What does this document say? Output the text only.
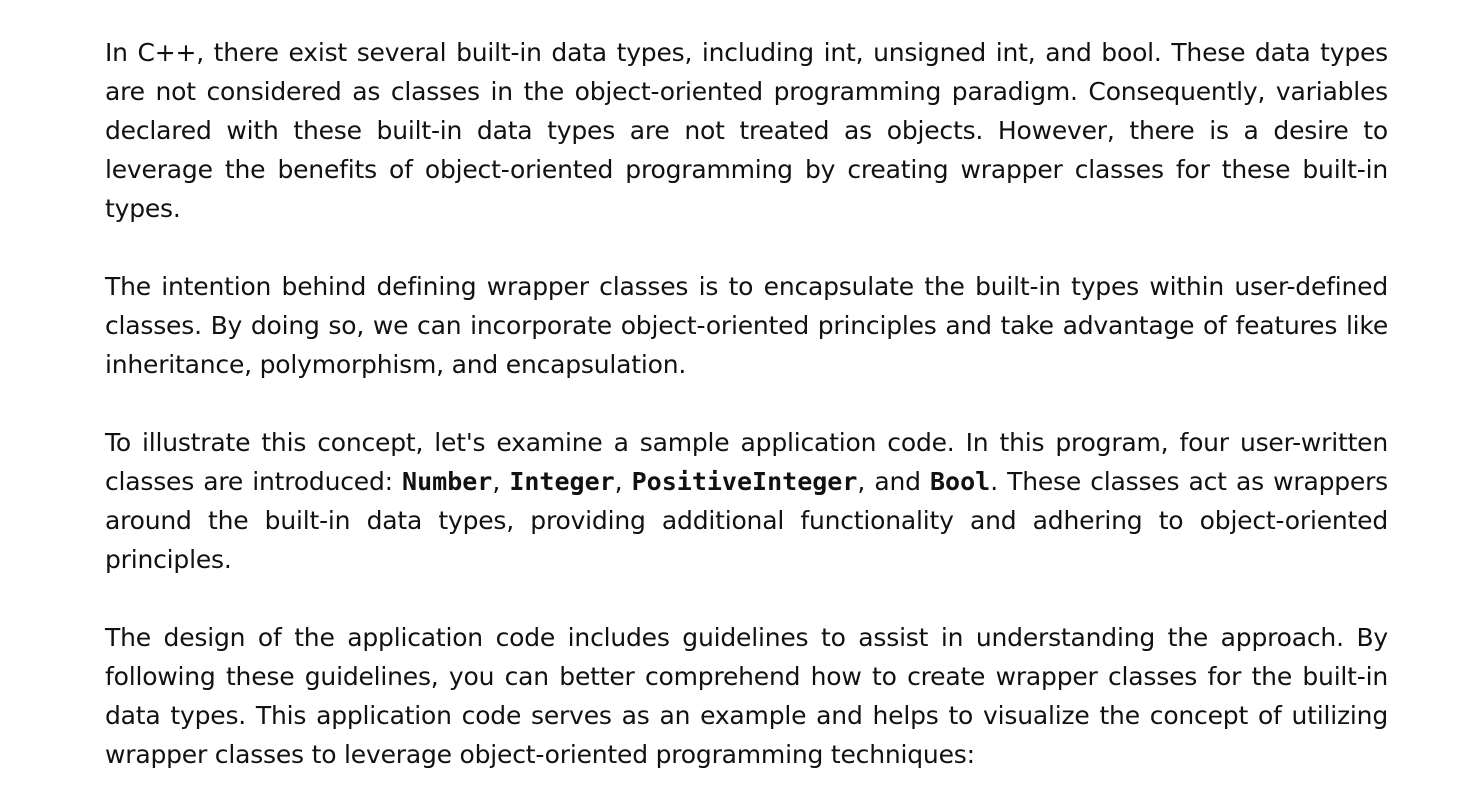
In C++, there exist several built-in data types, including int, unsigned int, and bool. These data types are not considered as classes in the object-oriented programming paradigm. Consequently, variables declared with these built-in data types are not treated as objects. However, there is a desire to leverage the benefits of object-oriented programming by creating wrapper classes for these built-in types.

The intention behind defining wrapper classes is to encapsulate the built-in types within user-defined classes. By doing so, we can incorporate object-oriented principles and take advantage of features like inheritance, polymorphism, and encapsulation.

To illustrate this concept, let's examine a sample application code. In this program, four user-written classes are introduced: Number, Integer, PositiveInteger, and Bool. These classes act as wrappers around the built-in data types, providing additional functionality and adhering to object-oriented principles.

The design of the application code includes guidelines to assist in understanding the approach. By following these guidelines, you can better comprehend how to create wrapper classes for the built-in data types. This application code serves as an example and helps to visualize the concept of utilizing wrapper classes to leverage object-oriented programming techniques:
